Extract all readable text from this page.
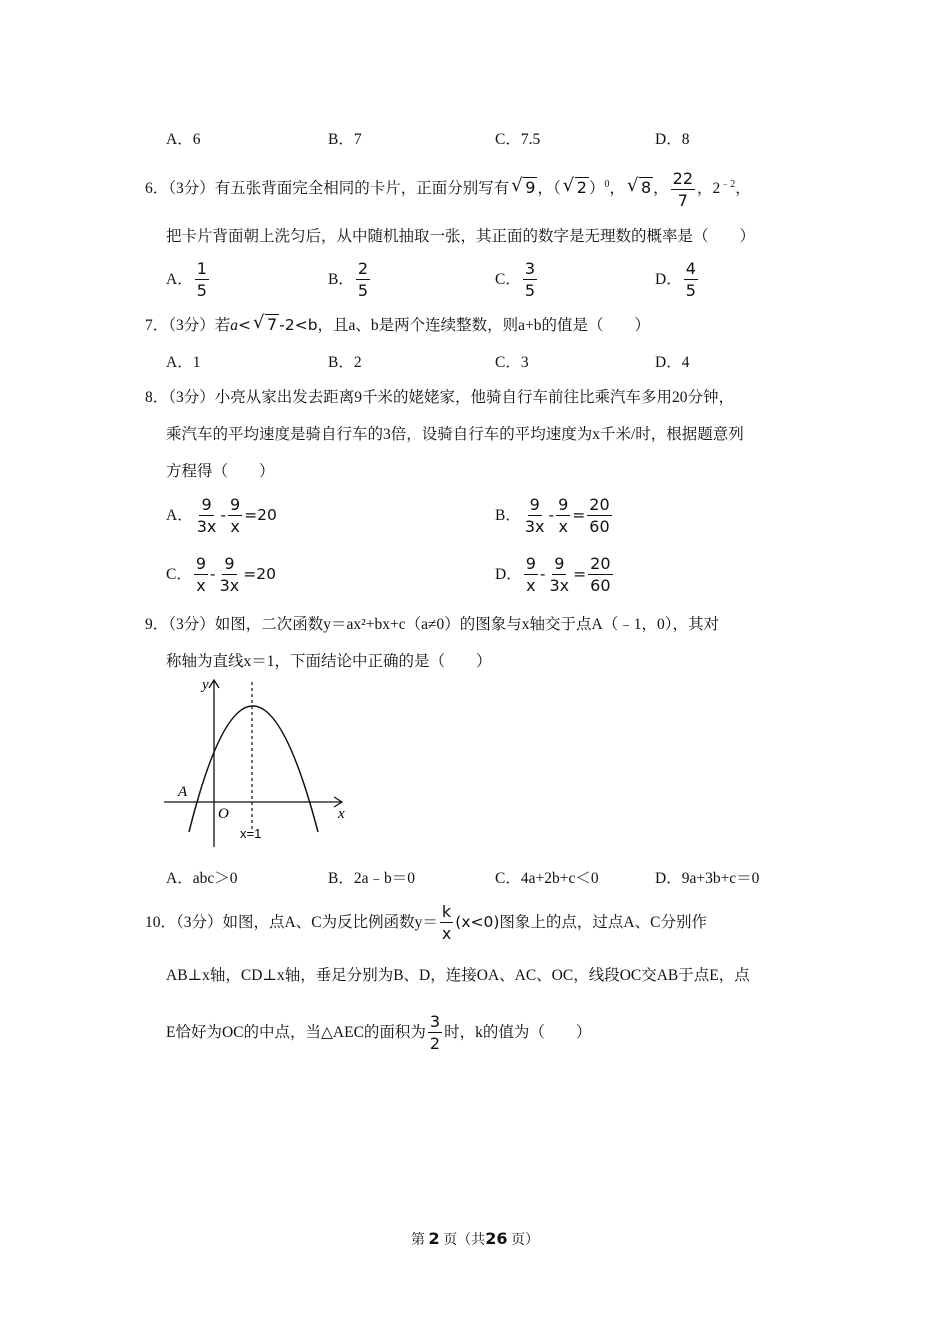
A．6	B．7	C．7.5	D．8
6．（3分）有五张背面完全相同的卡片，正面分别写有 √ 9 ，（ √ 2 ）$^0$， √ 8 ， $\frac{22}{7}$ ，$2^{﹣2}$，
把卡片背面朝上洗匀后，从中随机抽取一张，其正面的数字是无理数的概率是（　　）
A． $\frac{1}{5}$	B． $\frac{2}{5}$	C． $\frac{3}{5}$	D． $\frac{4}{5}$
7．（3分）若a< √ 7 -2<b，且a、b是两个连续整数，则a+b的值是（　　）
A．1	B．2	C．3	D．4
8．（3分）小亮从家出发去距离9千米的姥姥家，他骑自行车前往比乘汽车多用20分钟，
乘汽车的平均速度是骑自行车的3倍，设骑自行车的平均速度为x千米/时，根据题意列
方程得（　　）
A． $\frac{9}{3x} - \frac{9}{x} =20$	B． $\frac{9}{3x} - \frac{9}{x} = \frac{20}{60}$
C． $\frac{9}{x} - \frac{9}{3x} =20$	D． $\frac{9}{x} - \frac{9}{3x} = \frac{20}{60}$
9．（3分）如图，二次函数y＝ax²+bx+c（a≠0）的图象与x轴交于点A（﹣1，0），其对
称轴为直线x＝1，下面结论中正确的是（　　）
y
x
A
O
x=1
A．abc＞0	B．2a﹣b＝0	C．4a+2b+c＜0	D．9a+3b+c＝0
10．（3分）如图，点A、C为反比例函数$y= \frac{k}{x} (x<0)$图象上的点，过点A、C分别作
AB⊥x轴，CD⊥x轴，垂足分别为B、D，连接OA、AC、OC，线段OC交AB于点E，点
E恰好为OC的中点，当△AEC的面积为 $\frac{3}{2}$ 时，k的值为（　　）
第 2 页（共26 页）
